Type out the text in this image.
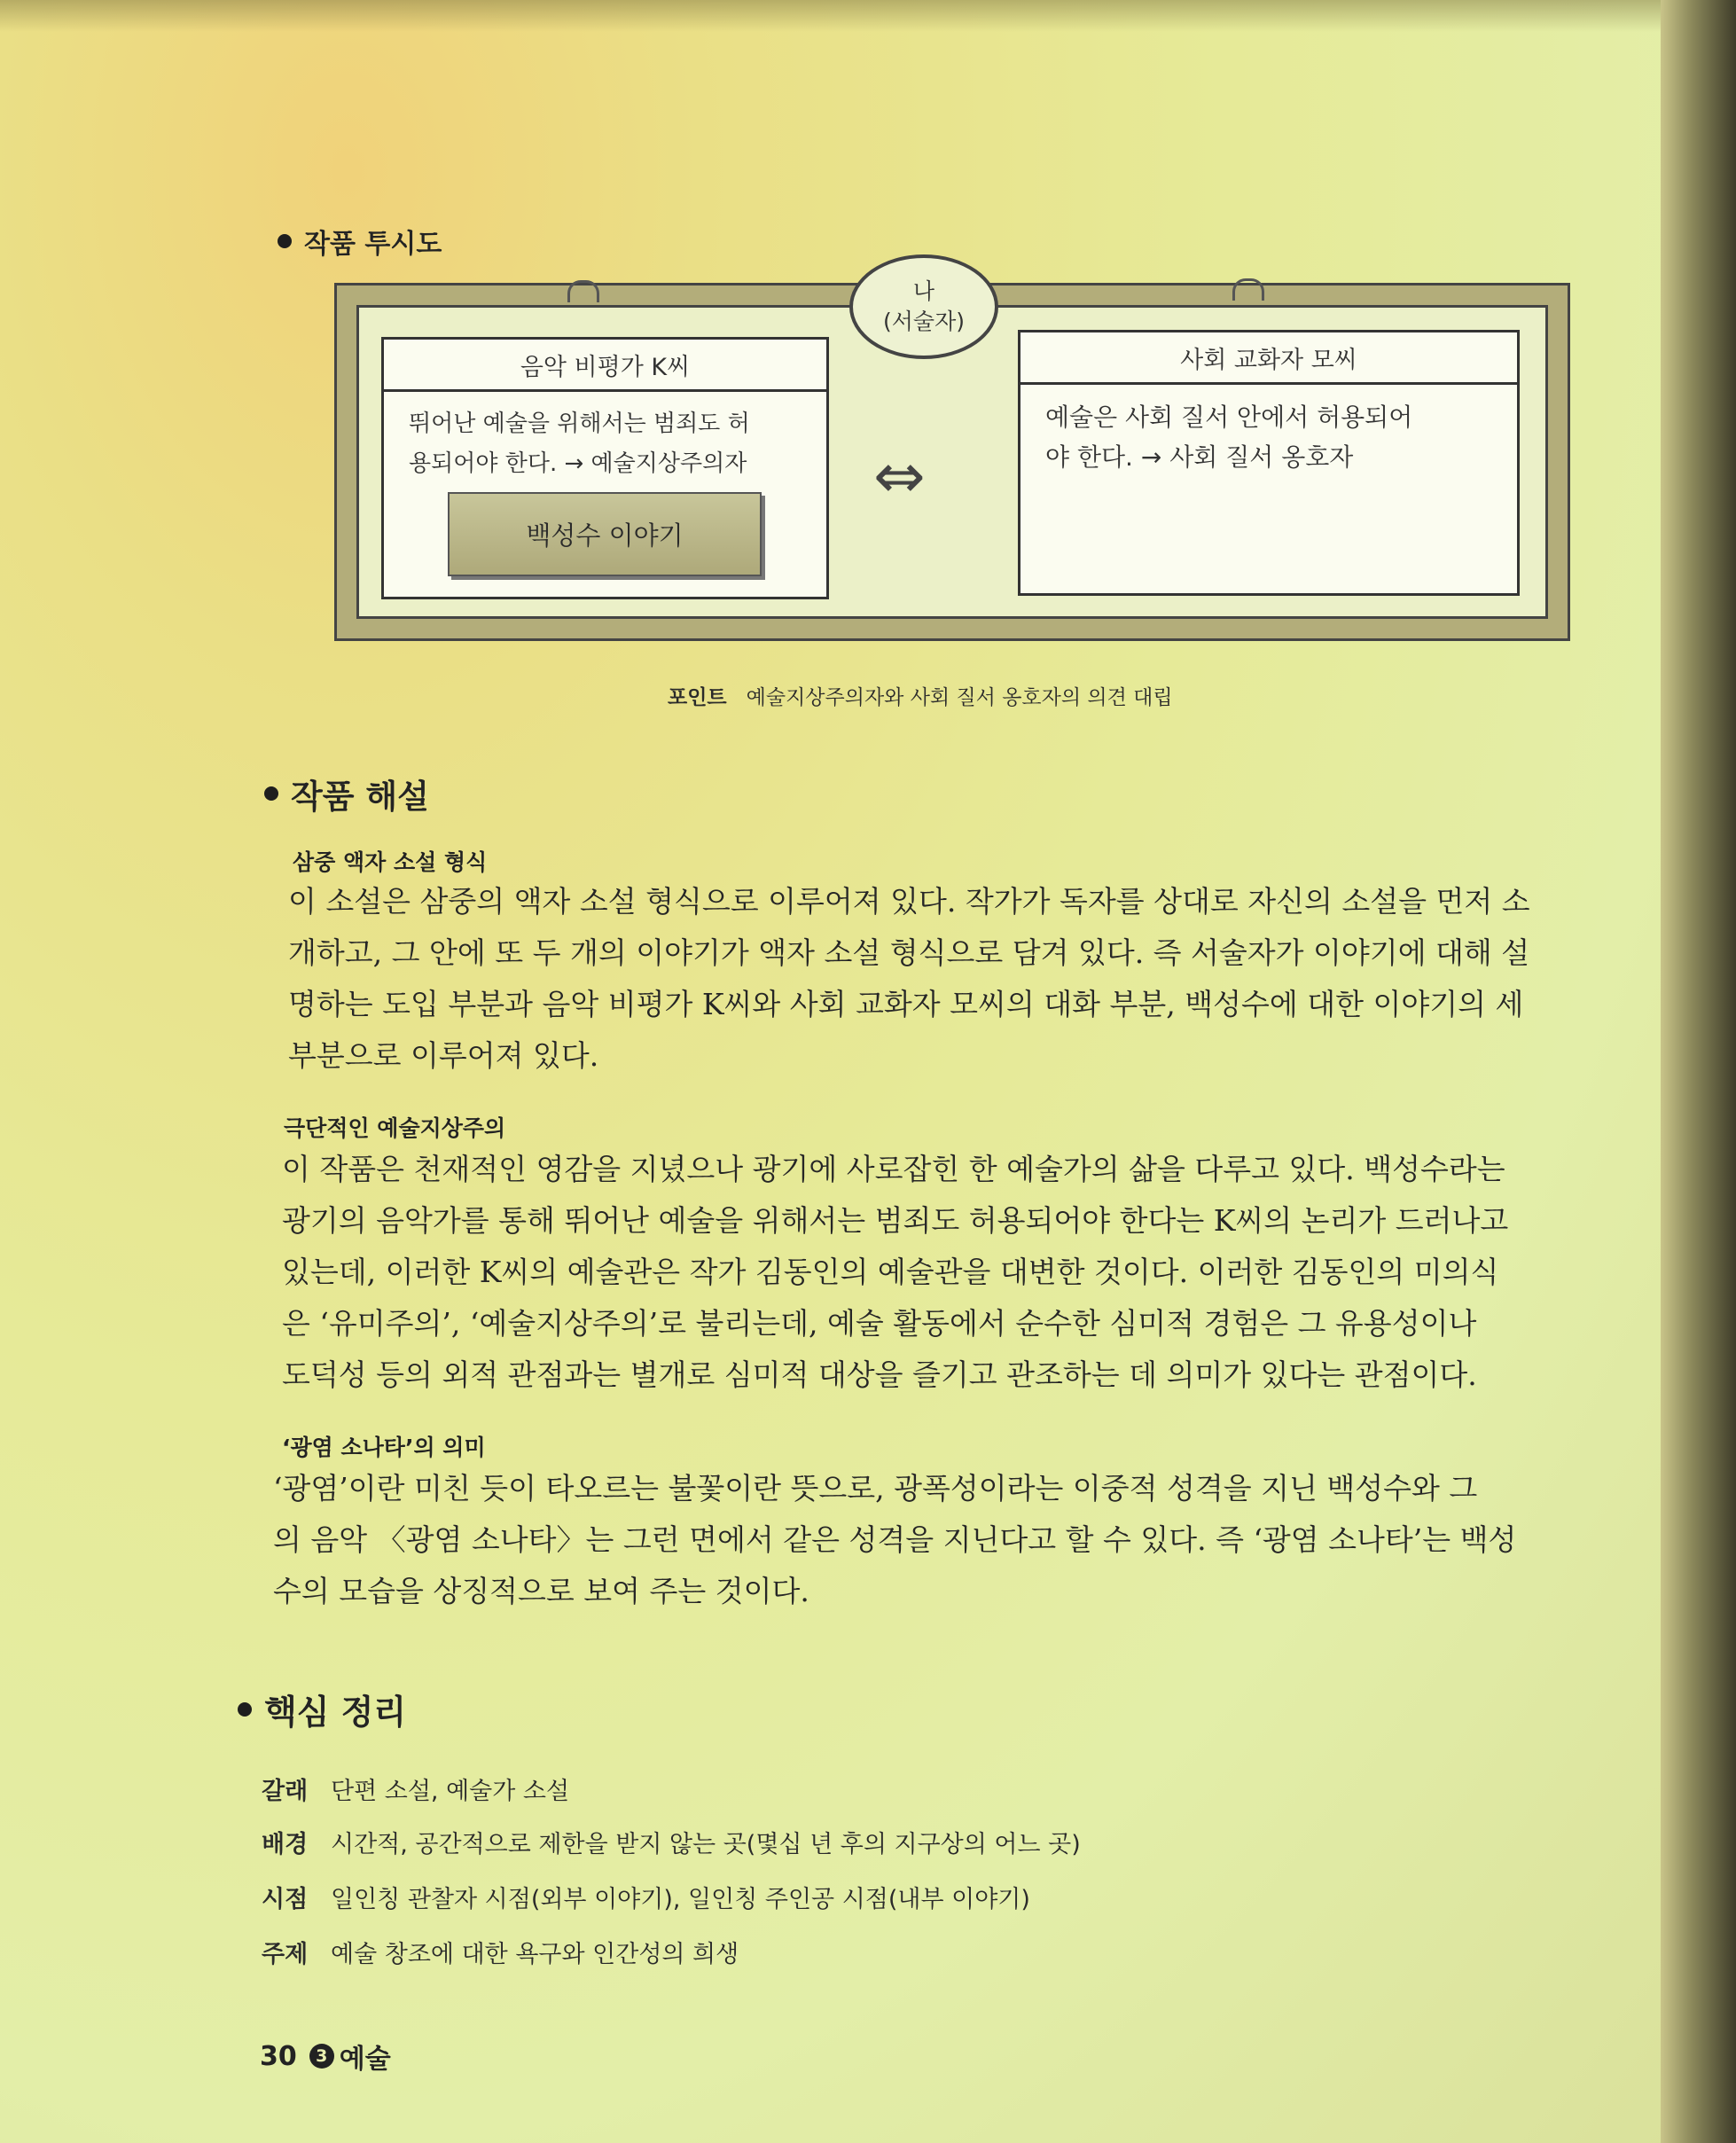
작품 투시도
나
(서술자)
음악 비평가 K씨
뛰어난 예술을 위해서는 범죄도 허
용되어야 한다. → 예술지상주의자
백성수 이야기
⇔
사회 교화자 모씨
예술은 사회 질서 안에서 허용되어
야 한다. → 사회 질서 옹호자
포인트 예술지상주의자와 사회 질서 옹호자의 의견 대립
작품 해설
삼중 액자 소설 형식
이 소설은 삼중의 액자 소설 형식으로 이루어져 있다. 작가가 독자를 상대로 자신의 소설을 먼저 소
개하고, 그 안에 또 두 개의 이야기가 액자 소설 형식으로 담겨 있다. 즉 서술자가 이야기에 대해 설
명하는 도입 부분과 음악 비평가 K씨와 사회 교화자 모씨의 대화 부분, 백성수에 대한 이야기의 세
부분으로 이루어져 있다.
극단적인 예술지상주의
이 작품은 천재적인 영감을 지녔으나 광기에 사로잡힌 한 예술가의 삶을 다루고 있다. 백성수라는
광기의 음악가를 통해 뛰어난 예술을 위해서는 범죄도 허용되어야 한다는 K씨의 논리가 드러나고
있는데, 이러한 K씨의 예술관은 작가 김동인의 예술관을 대변한 것이다. 이러한 김동인의 미의식
은 ‘유미주의’, ‘예술지상주의’로 불리는데, 예술 활동에서 순수한 심미적 경험은 그 유용성이나
도덕성 등의 외적 관점과는 별개로 심미적 대상을 즐기고 관조하는 데 의미가 있다는 관점이다.
‘광염 소나타’의 의미
‘광염’이란 미친 듯이 타오르는 불꽃이란 뜻으로, 광폭성이라는 이중적 성격을 지닌 백성수와 그
의 음악 〈광염 소나타〉는 그런 면에서 같은 성격을 지닌다고 할 수 있다. 즉 ‘광염 소나타’는 백성
수의 모습을 상징적으로 보여 주는 것이다.
핵심 정리
갈래 단편 소설, 예술가 소설
배경 시간적, 공간적으로 제한을 받지 않는 곳(몇십 년 후의 지구상의 어느 곳)
시점 일인칭 관찰자 시점(외부 이야기), 일인칭 주인공 시점(내부 이야기)
주제 예술 창조에 대한 욕구와 인간성의 희생
30	3 예술
